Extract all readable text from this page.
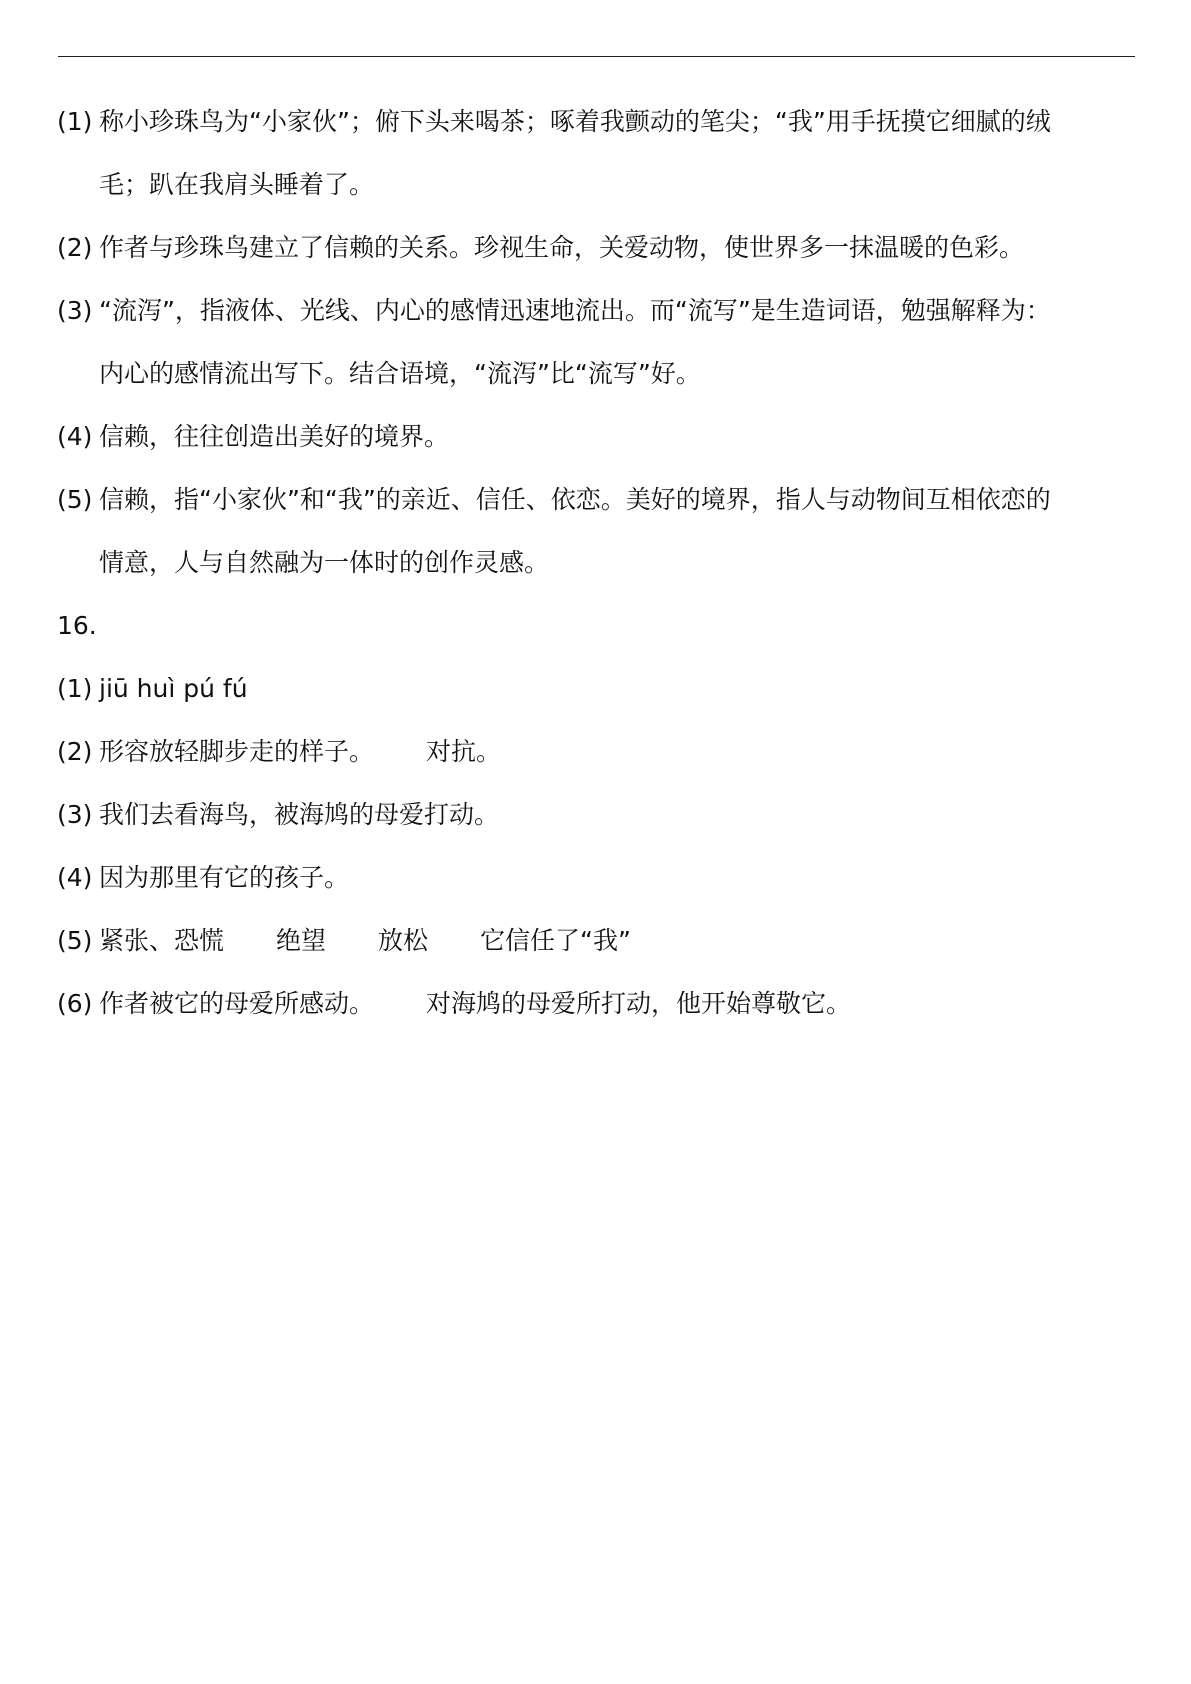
(1) 称小珍珠鸟为“小家伙”；俯下头来喝茶；啄着我颤动的笔尖；“我”用手抚摸它细腻的绒
毛；趴在我肩头睡着了。
(2) 作者与珍珠鸟建立了信赖的关系。珍视生命，关爱动物，使世界多一抹温暖的色彩。
(3) “流泻”，指液体、光线、内心的感情迅速地流出。而“流写”是生造词语，勉强解释为：
内心的感情流出写下。结合语境，“流泻”比“流写”好。
(4) 信赖，往往创造出美好的境界。
(5) 信赖，指“小家伙”和“我”的亲近、信任、依恋。美好的境界，指人与动物间互相依恋的
情意，人与自然融为一体时的创作灵感。
16.
(1) jiū huì pú fú
(2) 形容放轻脚步走的样子。 对抗。
(3) 我们去看海鸟，被海鸠的母爱打动。
(4) 因为那里有它的孩子。
(5) 紧张、恐慌 绝望 放松 它信任了“我”
(6) 作者被它的母爱所感动。 对海鸠的母爱所打动，他开始尊敬它。
